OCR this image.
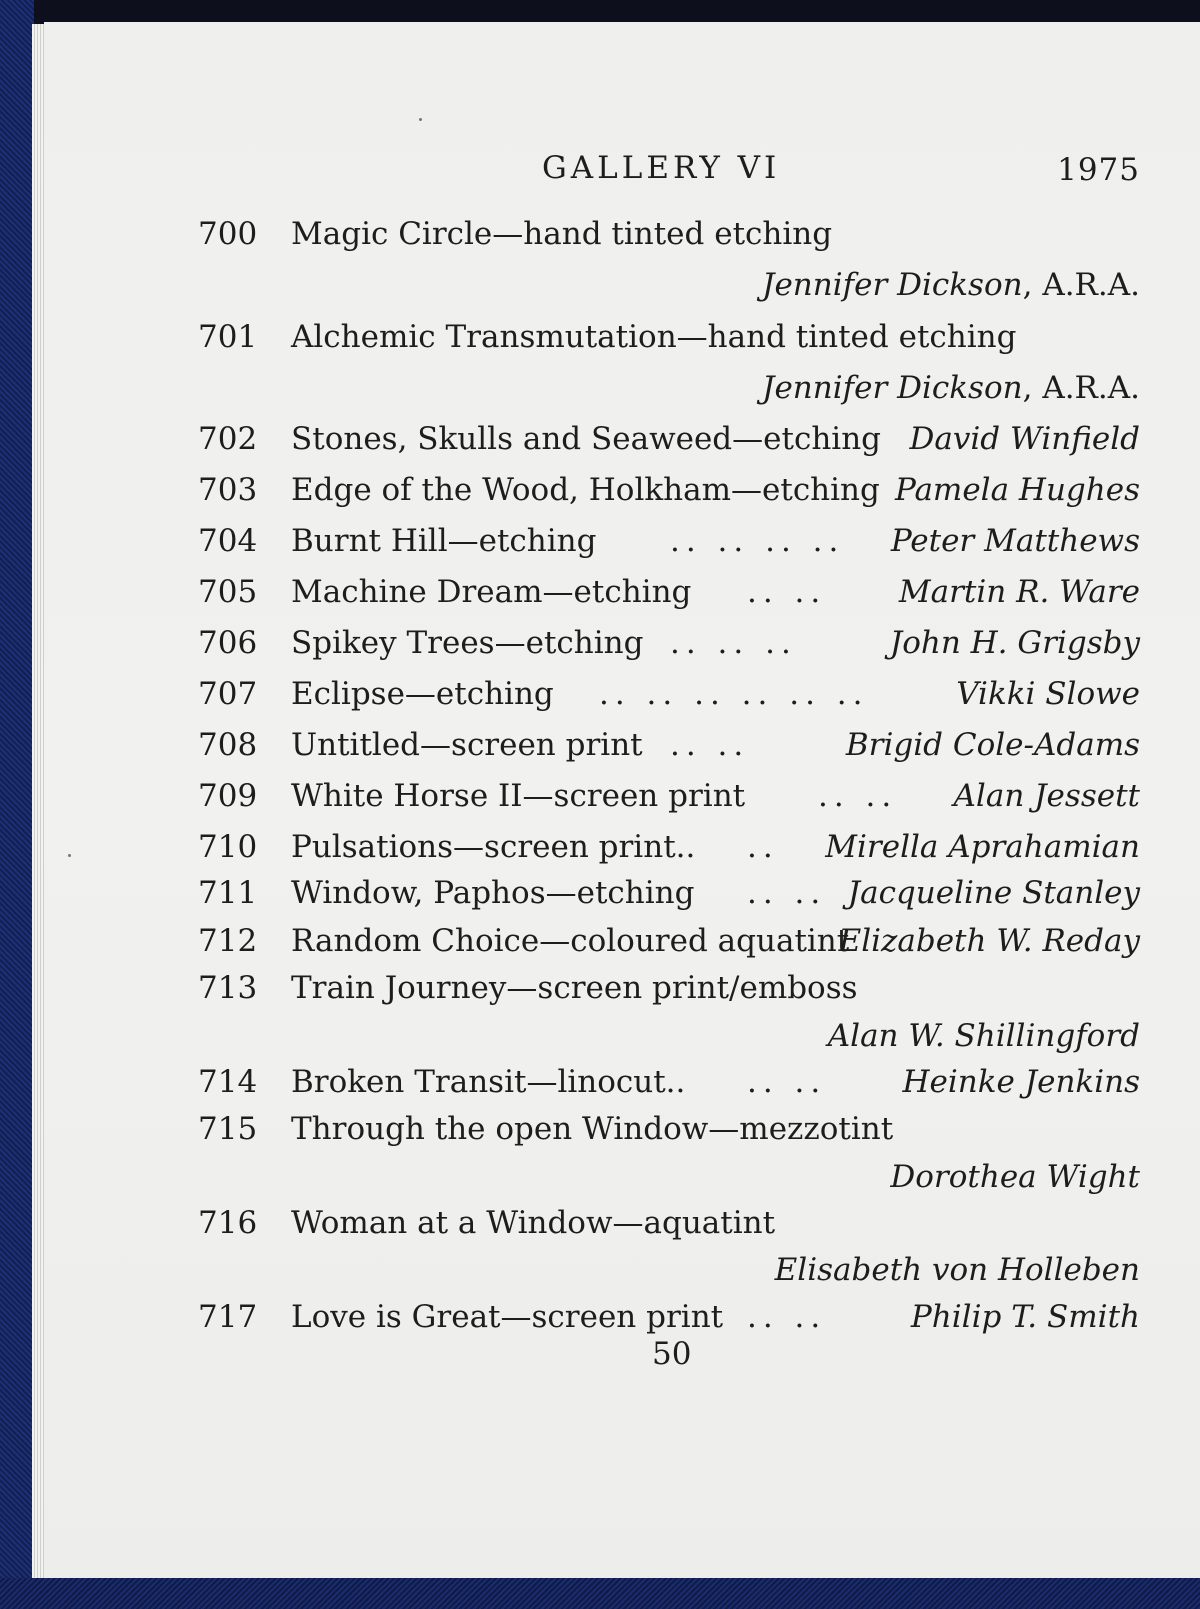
GALLERY VI	1975
700 Magic Circle—hand tinted etching
Jennifer Dickson, A.R.A.
701 Alchemic Transmutation—hand tinted etching
Jennifer Dickson, A.R.A.
702 Stones, Skulls and Seaweed—etching David Winfield
703 Edge of the Wood, Holkham—etching Pamela Hughes
704 Burnt Hill—etching .. .. .. .. Peter Matthews
705 Machine Dream—etching .. .. Martin R. Ware
706 Spikey Trees—etching .. .. ..	John H. Grigsby
707 Eclipse—etching .. .. .. .. .. ..	Vikki Slowe
708 Untitled—screen print .. ..	Brigid Cole-Adams
709 White Horse II—screen print .. .. Alan Jessett
710 Pulsations—screen print.. .. Mirella Aprahamian
711 Window, Paphos—etching .. .. Jacqueline Stanley
712 Random Choice—coloured aquatint
Elizabeth W. Reday
713 Train Journey—screen print/emboss
Alan W. Shillingford
714 Broken Transit—linocut.. .. .. Heinke Jenkins
715 Through the open Window—mezzotint
Dorothea Wight
716 Woman at a Window—aquatint
Elisabeth von Holleben
717 Love is Great—screen print .. ..	Philip T. Smith
50
